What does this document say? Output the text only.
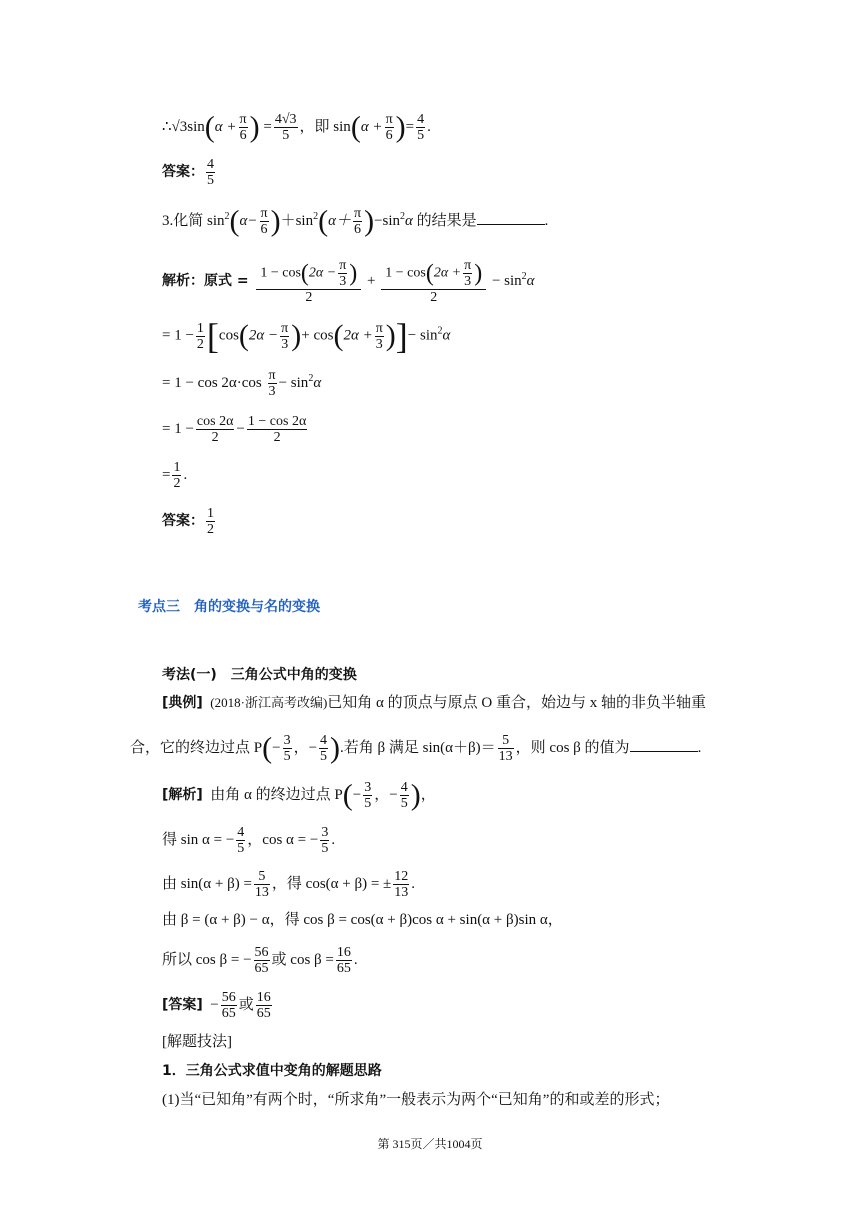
∴√3sin(α + $\frac{\pi}{6}$ ) = $\frac{4√3}{5}$ ，即 $\sin(\alpha + \frac{\pi}{6}$ )= $\frac{4}{5}$ .
答案： $\frac{4}{5}$
3.化简 $\sin^2(\alpha- \frac{\pi}{6} )+\sin^2(\alpha+ \frac{\pi}{6} )-\sin^2\alpha$ 的结果是	.
解析：原式 = $\frac{1 - \cos(2\alpha - \frac{\pi}{3} )}{2} + \frac{1 - \cos(2\alpha + \frac{\pi}{3} )}{2} - \sin^2\alpha$
= $1 - \frac{1}{2} [\cos(2\alpha - \frac{\pi}{3}$ )+ $\cos(2\alpha + \frac{\pi}{3}$ )]− $\sin^2\alpha$
= $1 - \cos 2\alpha\cdot\cos \frac{\pi}{3} - \sin^2\alpha$
= $1 - \frac{\cos 2\alpha}{2} - \frac{1 - \cos 2\alpha}{2}$
= $\frac{1}{2}$ .
答案： $\frac{1}{2}$
考点三　角的变换与名的变换
考法(一)　三角公式中角的变换
[典例] (2018·浙江高考改编)已知角 α 的顶点与原点 O 重合，始边与 x 轴的非负半轴重
合，它的终边过点 $P(- \frac{3}{5}$ ，− $\frac{4}{5}$ ).若角 β 满足 $\sin(\alpha+\beta)= \frac{5}{13}$ ，则 cos β 的值为	.
[解析] 由角 α 的终边过点 $P(- \frac{3}{5}$ ，− $\frac{4}{5}$ )，
得 sin α = − $\frac{4}{5}$ ，cos α = − $\frac{3}{5}$ .
由 $\sin(\alpha + \beta) = \frac{5}{13}$ ，得 cos(α + β) = ± $\frac{12}{13}$ .
由 β = (α + β) − α，得 cos β = cos(α + β)cos α + sin(α + β)sin α，
所以 cos β = − $\frac{56}{65}$ 或 $\cos \beta = \frac{16}{65}$ .
[答案] − $\frac{56}{65}$ 或 $\frac{16}{65}$
[解题技法]
1．三角公式求值中变角的解题思路
(1)当“已知角”有两个时，“所求角”一般表示为两个“已知角”的和或差的形式；
第 315页／共1004页
